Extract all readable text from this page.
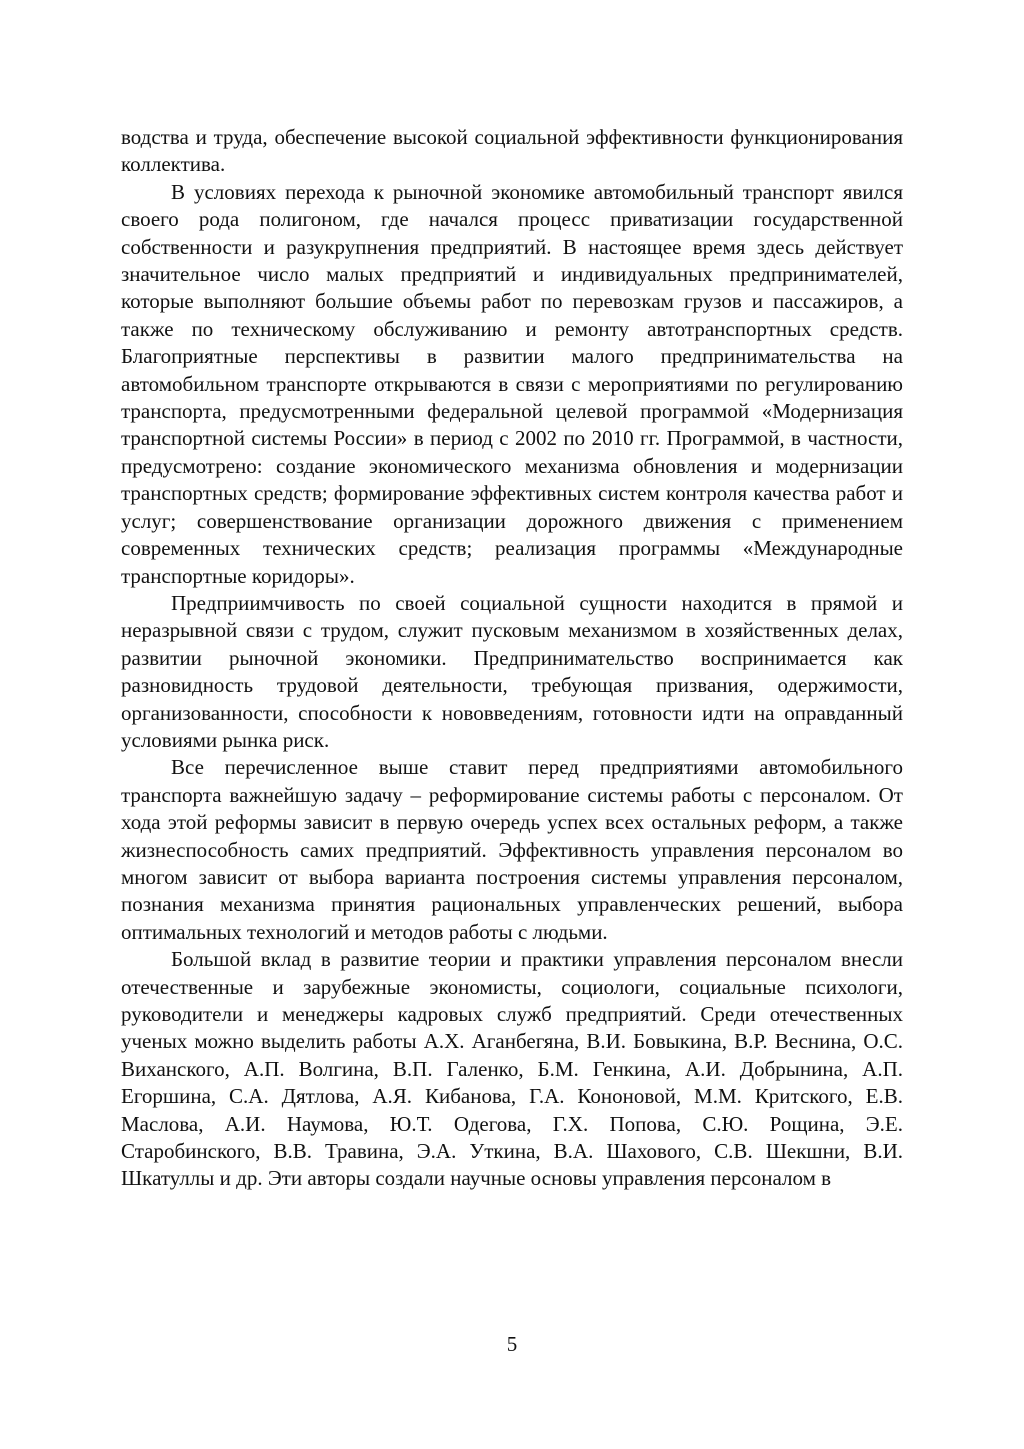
водства и труда, обеспечение высокой социальной эффективности функционирования коллектива.

В условиях перехода к рыночной экономике автомобильный транспорт явился своего рода полигоном, где начался процесс приватизации государственной собственности и разукрупнения предприятий. В настоящее время здесь действует значительное число малых предприятий и индивидуальных предпринимателей, которые выполняют большие объемы работ по перевозкам грузов и пассажиров, а также по техническому обслуживанию и ремонту автотранспортных средств. Благоприятные перспективы в развитии малого предпринимательства на автомобильном транспорте открываются в связи с мероприятиями по регулированию транспорта, предусмотренными федеральной целевой программой «Модернизация транспортной системы России» в период с 2002 по 2010 гг. Программой, в частности, предусмотрено: создание экономического механизма обновления и модернизации транспортных средств; формирование эффективных систем контроля качества работ и услуг; совершенствование организации дорожного движения с применением современных технических средств; реализация программы «Международные транспортные коридоры».

Предприимчивость по своей социальной сущности находится в прямой и неразрывной связи с трудом, служит пусковым механизмом в хозяйственных делах, развитии рыночной экономики. Предпринимательство воспринимается как разновидность трудовой деятельности, требующая призвания, одержимости, организованности, способности к нововведениям, готовности идти на оправданный условиями рынка риск.

Все перечисленное выше ставит перед предприятиями автомобильного транспорта важнейшую задачу – реформирование системы работы с персоналом. От хода этой реформы зависит в первую очередь успех всех остальных реформ, а также жизнеспособность самих предприятий. Эффективность управления персоналом во многом зависит от выбора варианта построения системы управления персоналом, познания механизма принятия рациональных управленческих решений, выбора оптимальных технологий и методов работы с людьми.

Большой вклад в развитие теории и практики управления персоналом внесли отечественные и зарубежные экономисты, социологи, социальные психологи, руководители и менеджеры кадровых служб предприятий. Среди отечественных ученых можно выделить работы А.Х. Аганбегяна, В.И. Бовыкина, В.Р. Веснина, О.С. Виханского, А.П. Волгина, В.П. Галенко, Б.М. Генкина, А.И. Добрынина, А.П. Егоршина, С.А. Дятлова, А.Я. Кибанова, Г.А. Кононовой, М.М. Критского, Е.В. Маслова, А.И. Наумова, Ю.Т. Одегова, Г.Х. Попова, С.Ю. Рощина, Э.Е. Старобинского, В.В. Травина, Э.А. Уткина, В.А. Шахового, С.В. Шекшни, В.И. Шкатуллы и др. Эти авторы создали научные основы управления персоналом в

5
